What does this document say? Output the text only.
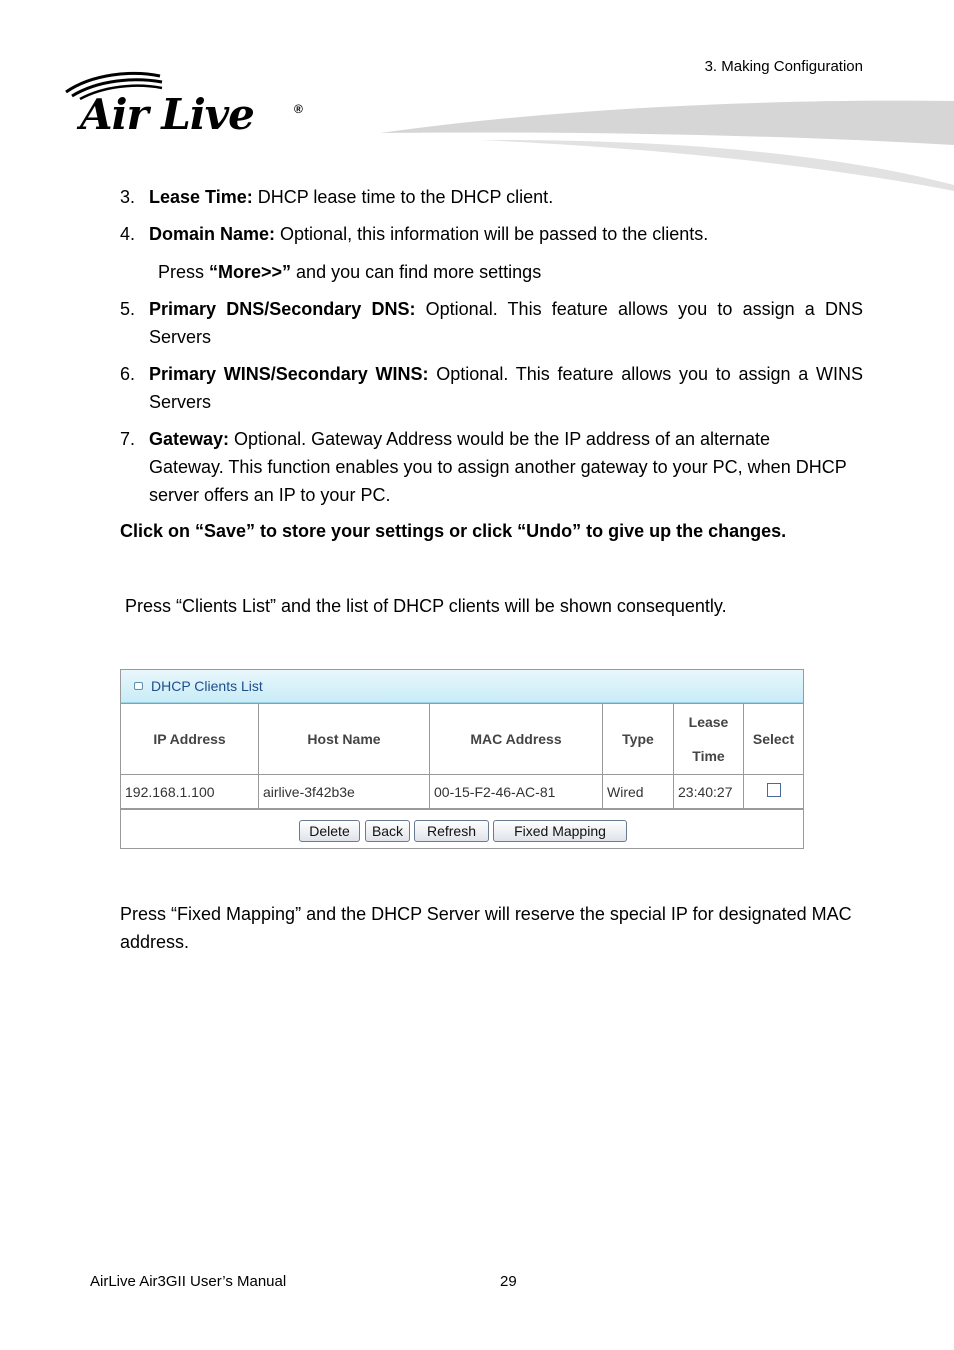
3. Making Configuration
Air Live	®
3. Lease Time: DHCP lease time to the DHCP client.
4. Domain Name: Optional, this information will be passed to the clients.
Press “More>>” and you can find more settings
5. Primary DNS/Secondary DNS: Optional. This feature allows you to assign a DNS Servers
6. Primary WINS/Secondary WINS: Optional. This feature allows you to assign a WINS Servers
7. Gateway: Optional. Gateway Address would be the IP address of an alternate Gateway. This function enables you to assign another gateway to your PC, when DHCP server offers an IP to your PC.
Click on “Save” to store your settings or click “Undo” to give up the changes.
Press “Clients List” and the list of DHCP clients will be shown consequently.
DHCP Clients List
IP Address	Host Name	MAC Address	Type	Lease Time	Select
192.168.1.100	airlive-3f42b3e	00-15-F2-46-AC-81	Wired	23:40:27	
Delete	Back	Refresh	Fixed Mapping
Press “Fixed Mapping” and the DHCP Server will reserve the special IP for designated MAC address.
AirLive Air3GII User’s Manual	29
